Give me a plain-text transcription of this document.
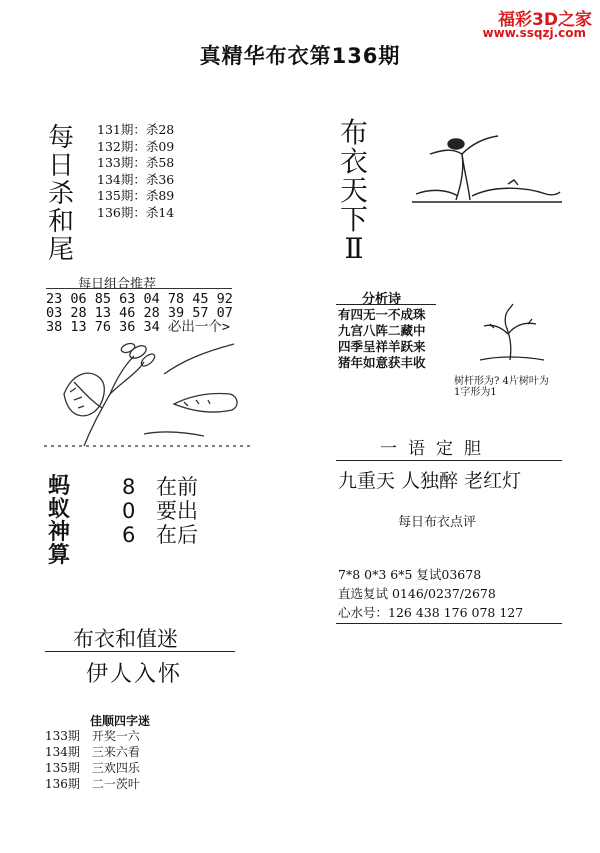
福彩3D之家
www.ssqzj.com
真精华布衣第136期
每
日
杀
和
尾
131期：杀28
132期：杀09
133期：杀58
134期：杀36
135期：杀89
136期：杀14
每日组合推荐
23 06 85 63 04 78 45 92
03 28 13 46 28 39 57 07
38 13 76 36 34 必出一个>
蚂
蚁
神
算
8 在前
0 要出
6 在后
布衣和值迷
伊人入怀
佳顺四字迷
133期　开奖一六
134期　三来六看
135期　三欢四乐
136期　二一茨叶
布
衣
天
下
Ⅱ
分析诗
有四无一不成珠
九宫八阵二藏中
四季呈祥羊跃来
猪年如意获丰收
树杆形为? 4片树叶为
1字形为1
一语定胆
九重天 人独醉 老红灯
每日布衣点评
7*8 0*3 6*5 复试03678
直选复试 0146/0237/2678
心水号：126 438 176 078 127
